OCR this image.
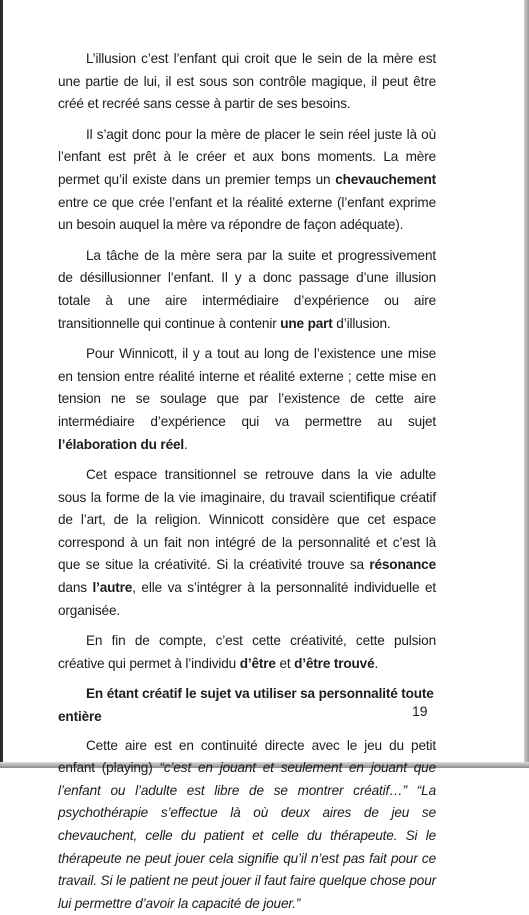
L’illusion c’est l’enfant qui croit que le sein de la mère est une partie de lui, il est sous son contrôle magique, il peut être créé et recréé sans cesse à partir de ses besoins.

Il s’agit donc pour la mère de placer le sein réel juste là où l’enfant est prêt à le créer et aux bons moments. La mère permet qu’il existe dans un premier temps un chevauchement entre ce que crée l’enfant et la réalité externe (l’enfant exprime un besoin auquel la mère va répondre de façon adéquate).

La tâche de la mère sera par la suite et progressivement de désillusionner l’enfant. Il y a donc passage d’une illusion totale à une aire intermédiaire d’expérience ou aire transitionnelle qui continue à contenir une part d’illusion.

Pour Winnicott, il y a tout au long de l’existence une mise en tension entre réalité interne et réalité externe ; cette mise en tension ne se soulage que par l’existence de cette aire intermédiaire d’expérience qui va permettre au sujet l’élaboration du réel.

Cet espace transitionnel se retrouve dans la vie adulte sous la forme de la vie imaginaire, du travail scientifique créatif de l’art, de la religion. Winnicott considère que cet espace correspond à un fait non intégré de la personnalité et c’est là que se situe la créativité. Si la créativité trouve sa résonance dans l’autre, elle va s’intégrer à la personnalité individuelle et organisée.

En fin de compte, c’est cette créativité, cette pulsion créative qui permet à l’individu d’être et d’être trouvé.

En étant créatif le sujet va utiliser sa personnalité toute entière

Cette aire est en continuité directe avec le jeu du petit enfant (playing) “c’est en jouant et seulement en jouant que l’enfant ou l’adulte est libre de se montrer créatif…” “La psychothérapie s’effectue là où deux aires de jeu se chevauchent, celle du patient et celle du thérapeute. Si le thérapeute ne peut jouer cela signifie qu’il n’est pas fait pour ce travail. Si le patient ne peut jouer il faut faire quelque chose pour lui permettre d’avoir la capacité de jouer.”

19
